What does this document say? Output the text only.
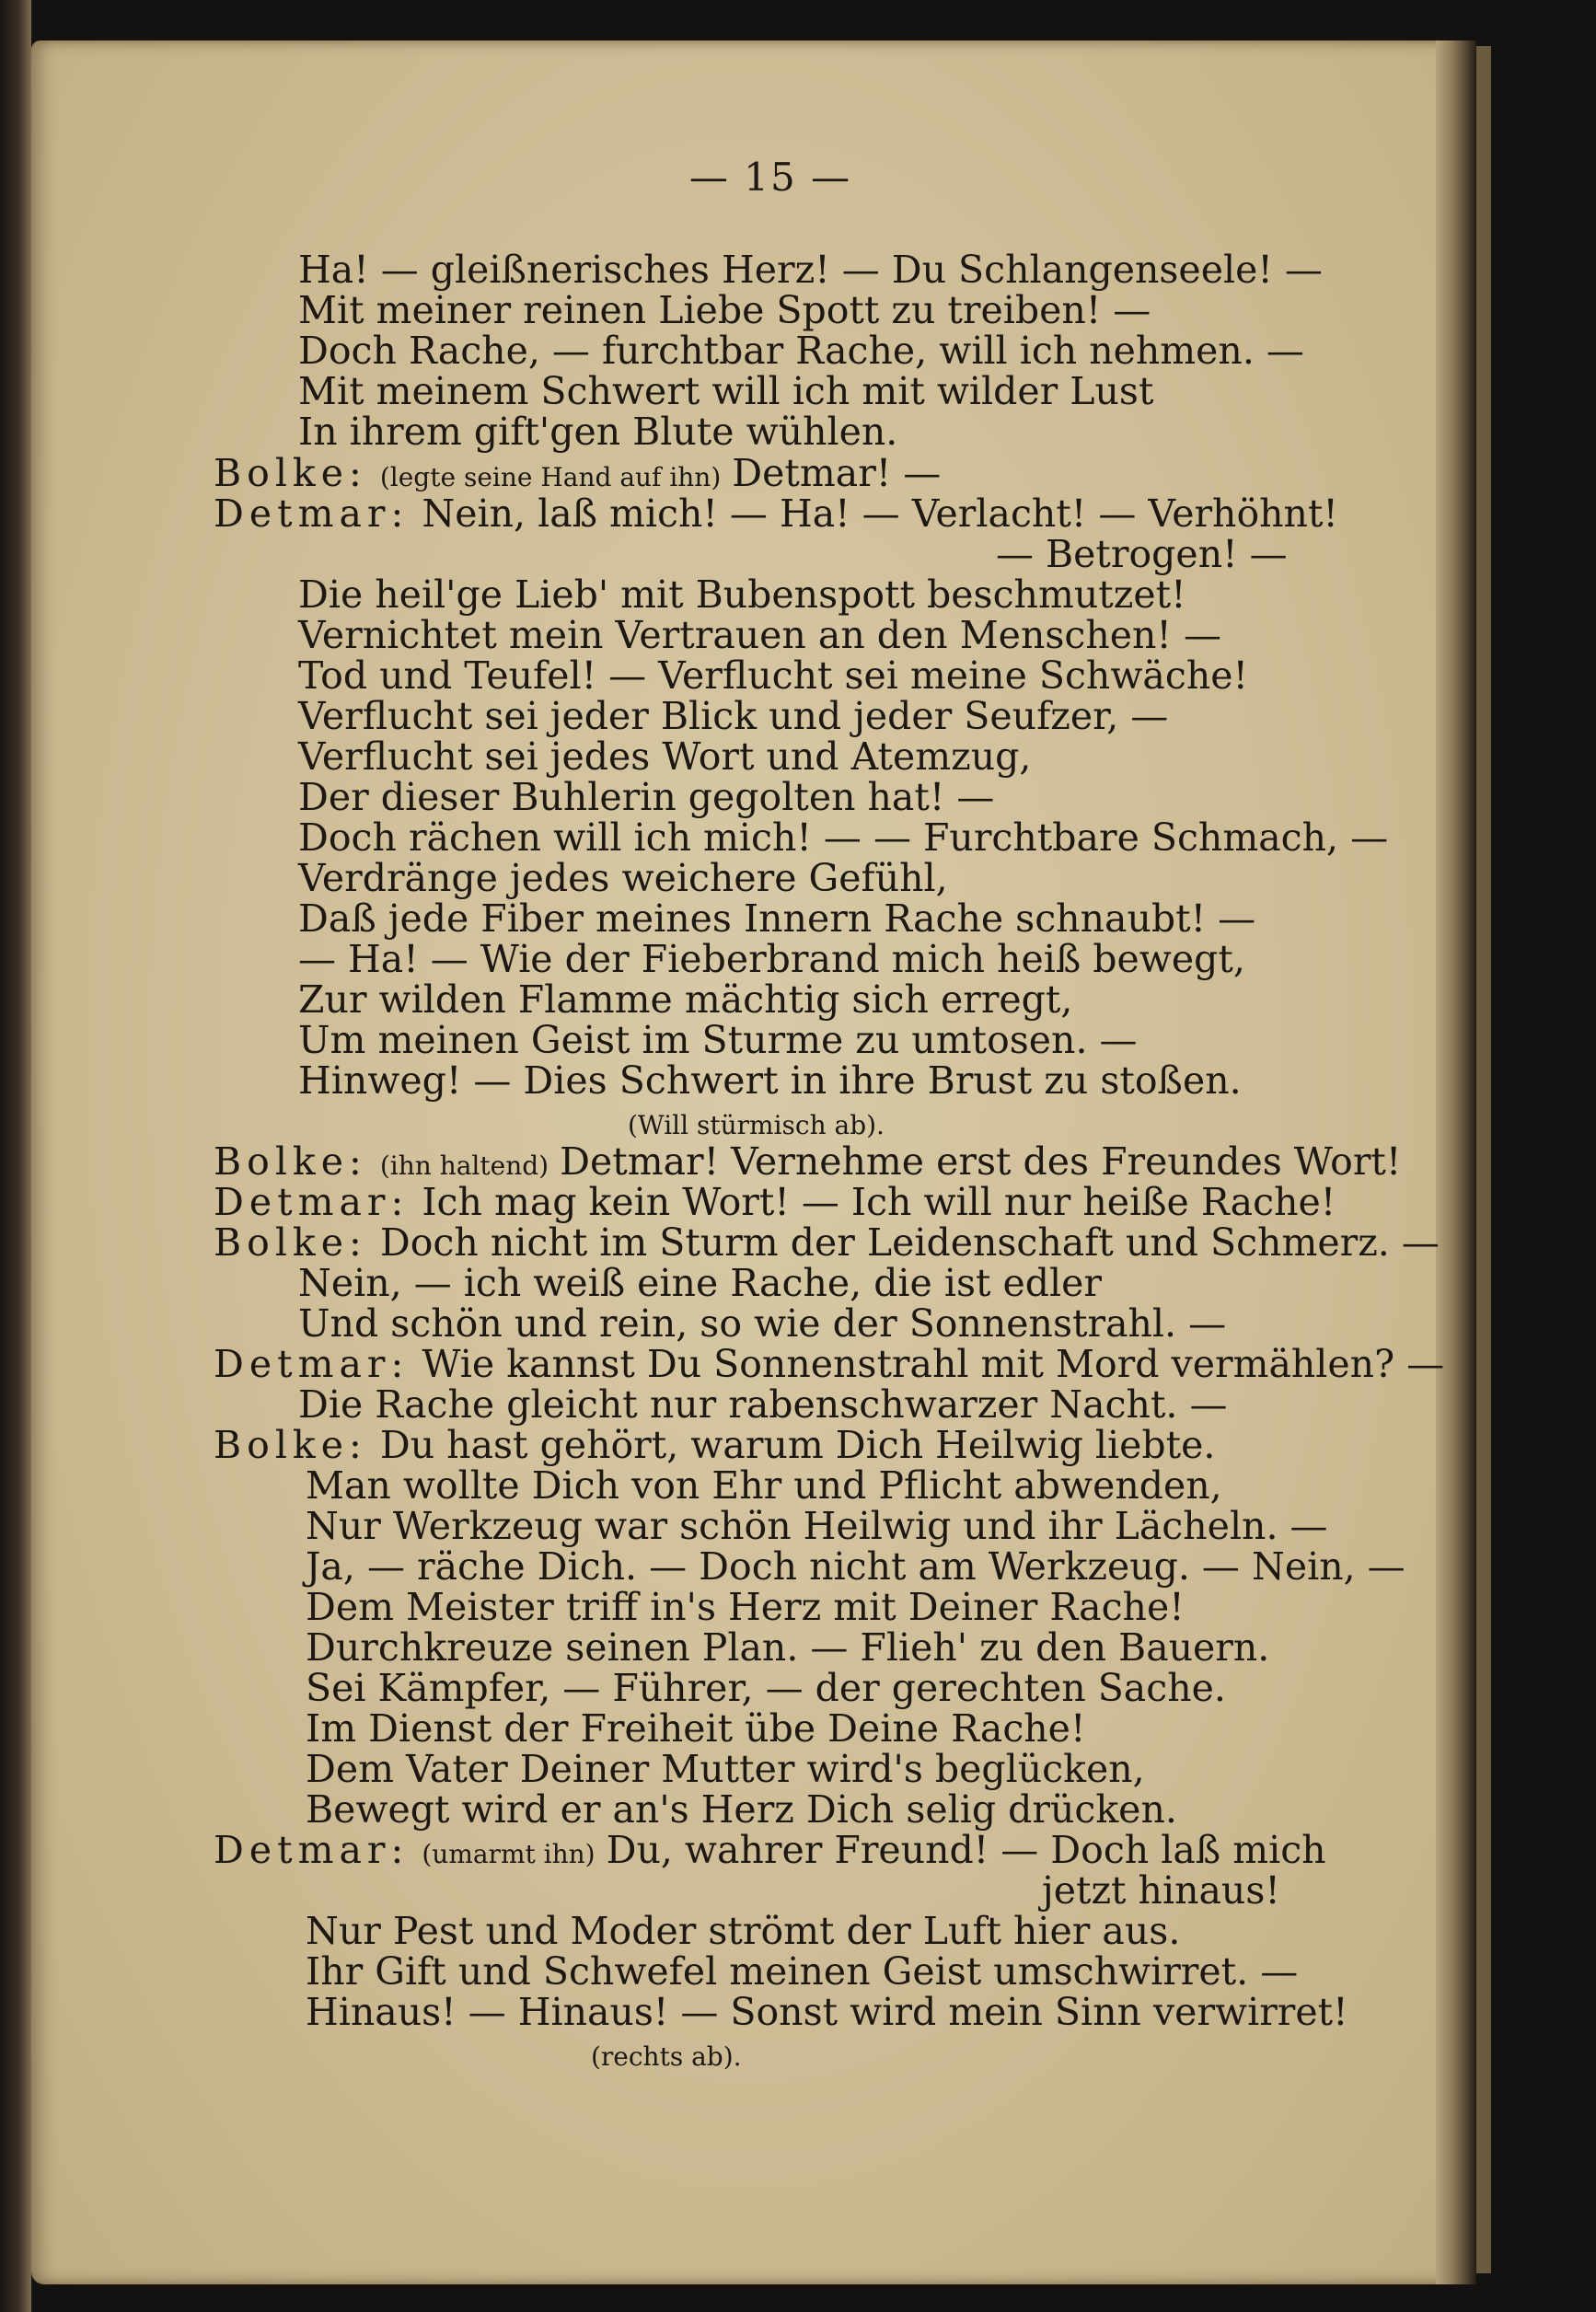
— 15 —
Ha! — gleißnerisches Herz! — Du Schlangenseele! —
Mit meiner reinen Liebe Spott zu treiben! —
Doch Rache, — furchtbar Rache, will ich nehmen. —
Mit meinem Schwert will ich mit wilder Lust
In ihrem gift'gen Blute wühlen.
Bolke: (legte seine Hand auf ihn) Detmar! —
Detmar: Nein, laß mich! — Ha! — Verlacht! — Verhöhnt!
— Betrogen! —
Die heil'ge Lieb' mit Bubenspott beschmutzet!
Vernichtet mein Vertrauen an den Menschen! —
Tod und Teufel! — Verflucht sei meine Schwäche!
Verflucht sei jeder Blick und jeder Seufzer, —
Verflucht sei jedes Wort und Atemzug,
Der dieser Buhlerin gegolten hat! —
Doch rächen will ich mich! — — Furchtbare Schmach, —
Verdränge jedes weichere Gefühl,
Daß jede Fiber meines Innern Rache schnaubt! —
— Ha! — Wie der Fieberbrand mich heiß bewegt,
Zur wilden Flamme mächtig sich erregt,
Um meinen Geist im Sturme zu umtosen. —
Hinweg! — Dies Schwert in ihre Brust zu stoßen.
(Will stürmisch ab).
Bolke: (ihn haltend) Detmar! Vernehme erst des Freundes Wort!
Detmar: Ich mag kein Wort! — Ich will nur heiße Rache!
Bolke: Doch nicht im Sturm der Leidenschaft und Schmerz. —
Nein, — ich weiß eine Rache, die ist edler
Und schön und rein, so wie der Sonnenstrahl. —
Detmar: Wie kannst Du Sonnenstrahl mit Mord vermählen? —
Die Rache gleicht nur rabenschwarzer Nacht. —
Bolke: Du hast gehört, warum Dich Heilwig liebte.
Man wollte Dich von Ehr und Pflicht abwenden,
Nur Werkzeug war schön Heilwig und ihr Lächeln. —
Ja, — räche Dich. — Doch nicht am Werkzeug. — Nein, —
Dem Meister triff in's Herz mit Deiner Rache!
Durchkreuze seinen Plan. — Flieh' zu den Bauern.
Sei Kämpfer, — Führer, — der gerechten Sache.
Im Dienst der Freiheit übe Deine Rache!
Dem Vater Deiner Mutter wird's beglücken,
Bewegt wird er an's Herz Dich selig drücken.
Detmar: (umarmt ihn) Du, wahrer Freund! — Doch laß mich
jetzt hinaus!
Nur Pest und Moder strömt der Luft hier aus.
Ihr Gift und Schwefel meinen Geist umschwirret. —
Hinaus! — Hinaus! — Sonst wird mein Sinn verwirret!
(rechts ab).
